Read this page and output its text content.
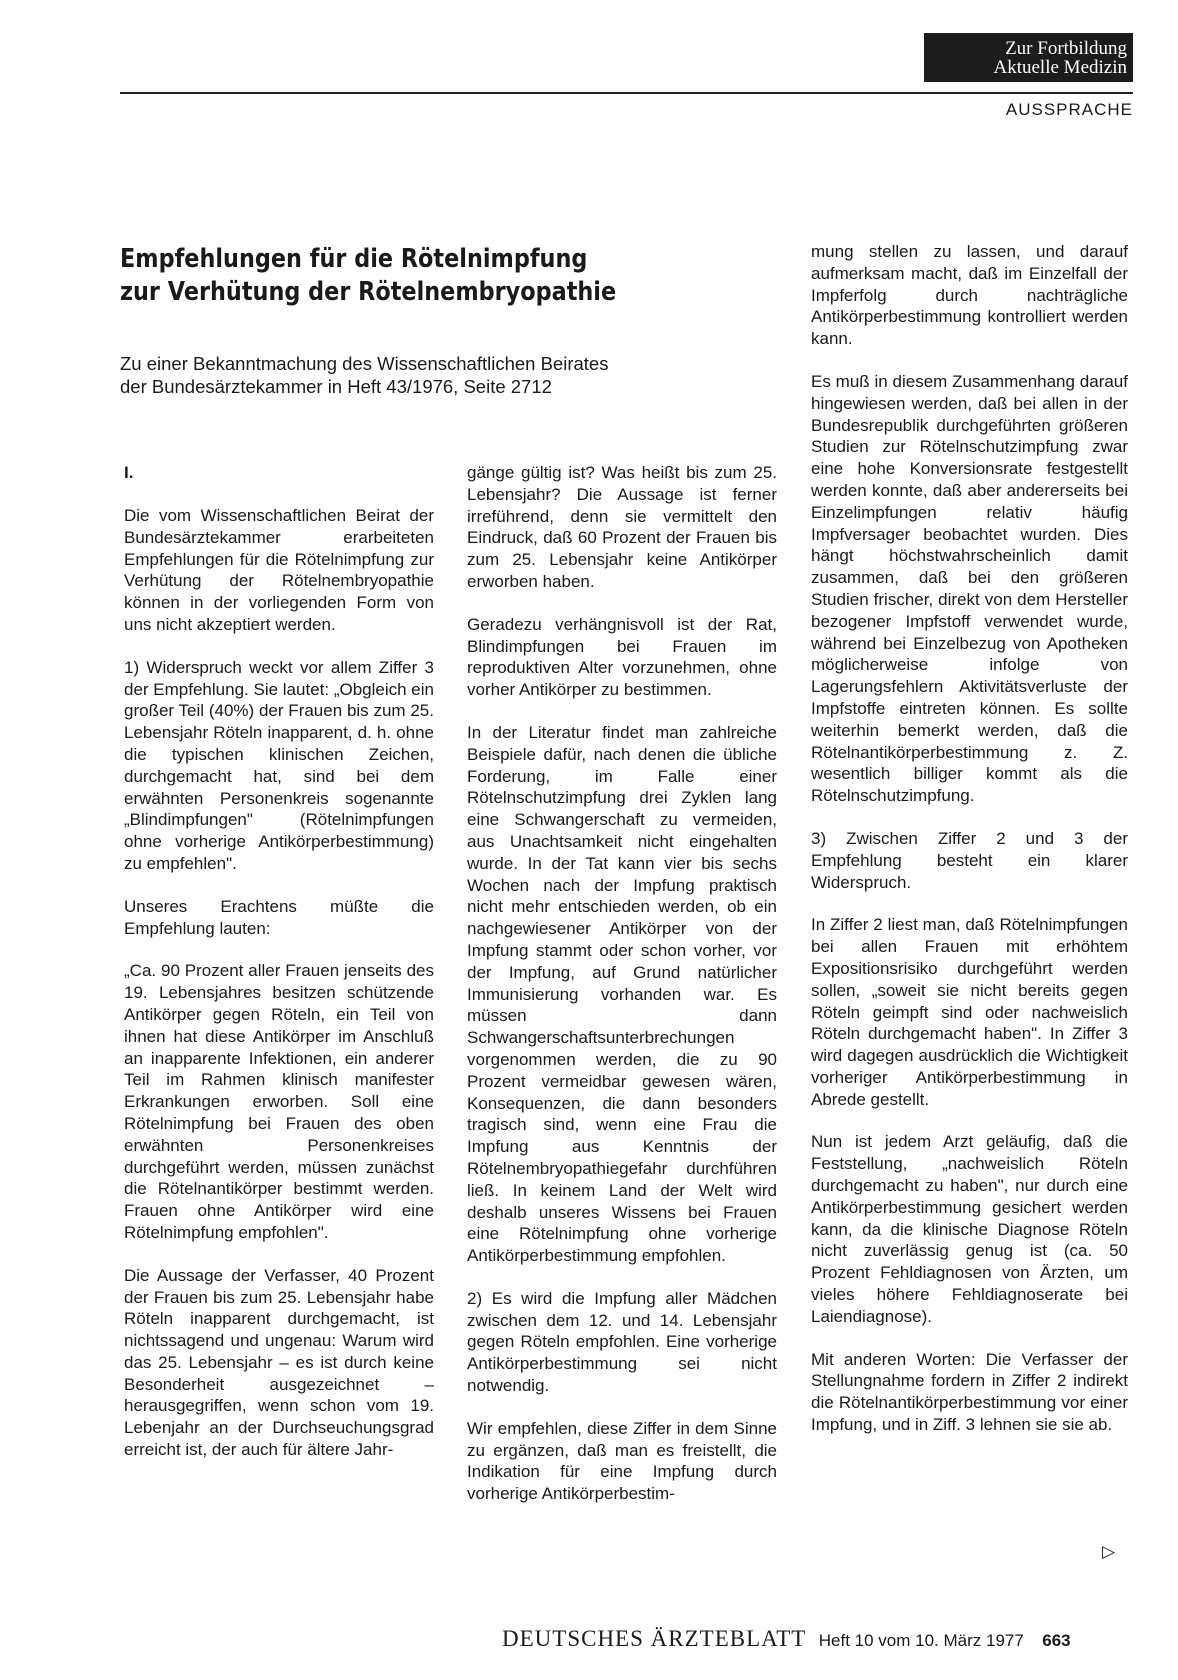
Zur Fortbildung
Aktuelle Medizin
AUSSPRACHE
Empfehlungen für die Rötelnimpfung
zur Verhütung der Rötelnembryopathie
Zu einer Bekanntmachung des Wissenschaftlichen Beirates
der Bundesärztekammer in Heft 43/1976, Seite 2712
I.

Die vom Wissenschaftlichen Beirat der Bundesärztekammer erarbeiteten Empfehlungen für die Rötelnimpfung zur Verhütung der Rötelnembryopathie können in der vorliegenden Form von uns nicht akzeptiert werden.

1) Widerspruch weckt vor allem Ziffer 3 der Empfehlung. Sie lautet: „Obgleich ein großer Teil (40%) der Frauen bis zum 25. Lebensjahr Röteln inapparent, d. h. ohne die typischen klinischen Zeichen, durchgemacht hat, sind bei dem erwähnten Personenkreis sogenannte „Blindimpfungen" (Rötelnimpfungen ohne vorherige Antikörperbestimmung) zu empfehlen".

Unseres Erachtens müßte die Empfehlung lauten:

„Ca. 90 Prozent aller Frauen jenseits des 19. Lebensjahres besitzen schützende Antikörper gegen Röteln, ein Teil von ihnen hat diese Antikörper im Anschluß an inapparente Infektionen, ein anderer Teil im Rahmen klinisch manifester Erkrankungen erworben. Soll eine Rötelnimpfung bei Frauen des oben erwähnten Personenkreises durchgeführt werden, müssen zunächst die Rötelnantikörper bestimmt werden. Frauen ohne Antikörper wird eine Rötelnimpfung empfohlen".

Die Aussage der Verfasser, 40 Prozent der Frauen bis zum 25. Lebensjahr habe Röteln inapparent durchgemacht, ist nichtssagend und ungenau: Warum wird das 25. Lebensjahr – es ist durch keine Besonderheit ausgezeichnet – herausgegriffen, wenn schon vom 19. Lebenjahr an der Durchseuchungsgrad erreicht ist, der auch für ältere Jahr-

gänge gültig ist? Was heißt bis zum 25. Lebensjahr? Die Aussage ist ferner irreführend, denn sie vermittelt den Eindruck, daß 60 Prozent der Frauen bis zum 25. Lebensjahr keine Antikörper erworben haben.

Geradezu verhängnisvoll ist der Rat, Blindimpfungen bei Frauen im reproduktiven Alter vorzunehmen, ohne vorher Antikörper zu bestimmen.

In der Literatur findet man zahlreiche Beispiele dafür, nach denen die übliche Forderung, im Falle einer Rötelnschutzimpfung drei Zyklen lang eine Schwangerschaft zu vermeiden, aus Unachtsamkeit nicht eingehalten wurde. In der Tat kann vier bis sechs Wochen nach der Impfung praktisch nicht mehr entschieden werden, ob ein nachgewiesener Antikörper von der Impfung stammt oder schon vorher, vor der Impfung, auf Grund natürlicher Immunisierung vorhanden war. Es müssen dann Schwangerschaftsunterbrechungen vorgenommen werden, die zu 90 Prozent vermeidbar gewesen wären, Konsequenzen, die dann besonders tragisch sind, wenn eine Frau die Impfung aus Kenntnis der Rötelnembryopathiegefahr durchführen ließ. In keinem Land der Welt wird deshalb unseres Wissens bei Frauen eine Rötelnimpfung ohne vorherige Antikörperbestimmung empfohlen.

2) Es wird die Impfung aller Mädchen zwischen dem 12. und 14. Lebensjahr gegen Röteln empfohlen. Eine vorherige Antikörperbestimmung sei nicht notwendig.

Wir empfehlen, diese Ziffer in dem Sinne zu ergänzen, daß man es freistellt, die Indikation für eine Impfung durch vorherige Antikörperbestim-

mung stellen zu lassen, und darauf aufmerksam macht, daß im Einzelfall der Impferfolg durch nachträgliche Antikörperbestimmung kontrolliert werden kann.

Es muß in diesem Zusammenhang darauf hingewiesen werden, daß bei allen in der Bundesrepublik durchgeführten größeren Studien zur Rötelnschutzimpfung zwar eine hohe Konversionsrate festgestellt werden konnte, daß aber andererseits bei Einzelimpfungen relativ häufig Impfversager beobachtet wurden. Dies hängt höchstwahrscheinlich damit zusammen, daß bei den größeren Studien frischer, direkt von dem Hersteller bezogener Impfstoff verwendet wurde, während bei Einzelbezug von Apotheken möglicherweise infolge von Lagerungsfehlern Aktivitätsverluste der Impfstoffe eintreten können. Es sollte weiterhin bemerkt werden, daß die Rötelnantikörperbestimmung z. Z. wesentlich billiger kommt als die Rötelnschutzimpfung.

3) Zwischen Ziffer 2 und 3 der Empfehlung besteht ein klarer Widerspruch.

In Ziffer 2 liest man, daß Rötelnimpfungen bei allen Frauen mit erhöhtem Expositionsrisiko durchgeführt werden sollen, „soweit sie nicht bereits gegen Röteln geimpft sind oder nachweislich Röteln durchgemacht haben". In Ziffer 3 wird dagegen ausdrücklich die Wichtigkeit vorheriger Antikörperbestimmung in Abrede gestellt.

Nun ist jedem Arzt geläufig, daß die Feststellung, „nachweislich Röteln durchgemacht zu haben", nur durch eine Antikörperbestimmung gesichert werden kann, da die klinische Diagnose Röteln nicht zuverlässig genug ist (ca. 50 Prozent Fehldiagnosen von Ärzten, um vieles höhere Fehldiagnoserate bei Laiendiagnose).

Mit anderen Worten: Die Verfasser der Stellungnahme fordern in Ziffer 2 indirekt die Rötelnantikörperbestimmung vor einer Impfung, und in Ziff. 3 lehnen sie sie ab.

▷
DEUTSCHES ÄRZTEBLATT Heft 10 vom 10. März 1977 663
